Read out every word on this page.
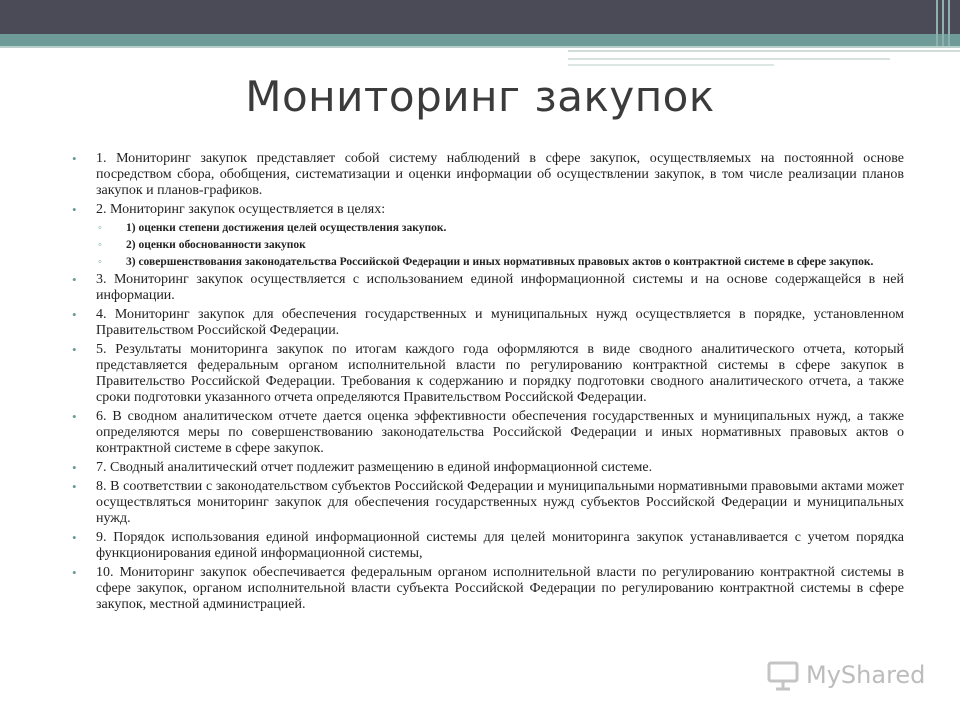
Мониторинг закупок
• 1. Мониторинг закупок представляет собой систему наблюдений в сфере закупок, осуществляемых на постоянной основе посредством сбора, обобщения, систематизации и оценки информации об осуществлении закупок, в том числе реализации планов закупок и планов-графиков.
• 2. Мониторинг закупок осуществляется в целях:
◦ 1) оценки степени достижения целей осуществления закупок.
◦ 2) оценки обоснованности закупок
◦ 3) совершенствования законодательства Российской Федерации и иных нормативных правовых актов о контрактной системе в сфере закупок.
• 3. Мониторинг закупок осуществляется с использованием единой информационной системы и на основе содержащейся в ней информации.
• 4. Мониторинг закупок для обеспечения государственных и муниципальных нужд осуществляется в порядке, установленном Правительством Российской Федерации.
• 5. Результаты мониторинга закупок по итогам каждого года оформляются в виде сводного аналитического отчета, который представляется федеральным органом исполнительной власти по регулированию контрактной системы в сфере закупок в Правительство Российской Федерации. Требования к содержанию и порядку подготовки сводного аналитического отчета, а также сроки подготовки указанного отчета определяются Правительством Российской Федерации.
• 6. В сводном аналитическом отчете дается оценка эффективности обеспечения государственных и муниципальных нужд, а также определяются меры по совершенствованию законодательства Российской Федерации и иных нормативных правовых актов о контрактной системе в сфере закупок.
• 7. Сводный аналитический отчет подлежит размещению в единой информационной системе.
• 8. В соответствии с законодательством субъектов Российской Федерации и муниципальными нормативными правовыми актами может осуществляться мониторинг закупок для обеспечения государственных нужд субъектов Российской Федерации и муниципальных нужд.
• 9. Порядок использования единой информационной системы для целей мониторинга закупок устанавливается с учетом порядка функционирования единой информационной системы,
• 10. Мониторинг закупок обеспечивается федеральным органом исполнительной власти по регулированию контрактной системы в сфере закупок, органом исполнительной власти субъекта Российской Федерации по регулированию контрактной системы в сфере закупок, местной администрацией.
MyShared
